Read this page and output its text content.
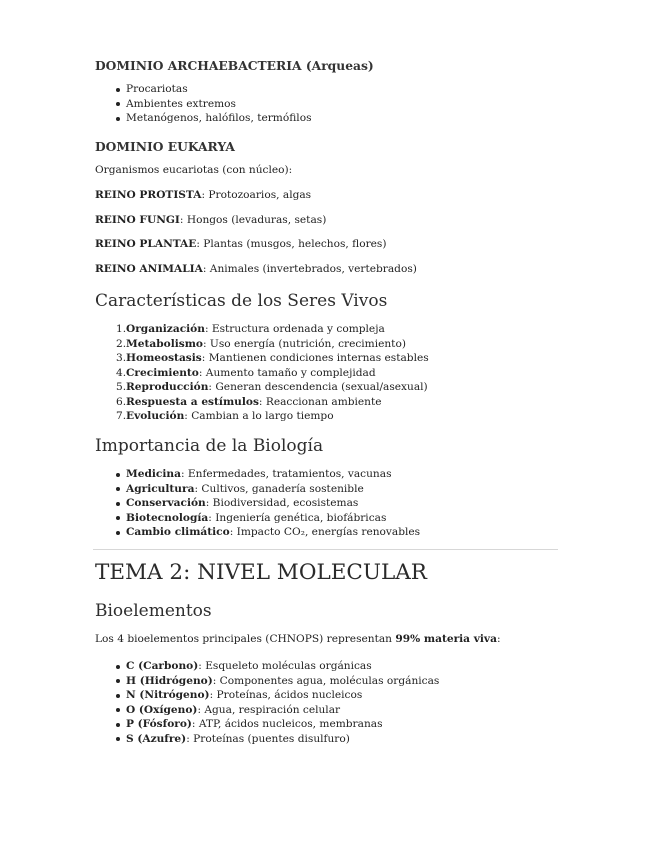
DOMINIO ARCHAEBACTERIA (Arqueas)
Procariotas
Ambientes extremos
Metanógenos, halófilos, termófilos
DOMINIO EUKARYA
Organismos eucariotas (con núcleo):
REINO PROTISTA: Protozoarios, algas
REINO FUNGI: Hongos (levaduras, setas)
REINO PLANTAE: Plantas (musgos, helechos, flores)
REINO ANIMALIA: Animales (invertebrados, vertebrados)
Características de los Seres Vivos
1. Organización: Estructura ordenada y compleja
2. Metabolismo: Uso energía (nutrición, crecimiento)
3. Homeostasis: Mantienen condiciones internas estables
4. Crecimiento: Aumento tamaño y complejidad
5. Reproducción: Generan descendencia (sexual/asexual)
6. Respuesta a estímulos: Reaccionan ambiente
7. Evolución: Cambian a lo largo tiempo
Importancia de la Biología
Medicina: Enfermedades, tratamientos, vacunas
Agricultura: Cultivos, ganadería sostenible
Conservación: Biodiversidad, ecosistemas
Biotecnología: Ingeniería genética, biofábricas
Cambio climático: Impacto CO₂, energías renovables
TEMA 2: NIVEL MOLECULAR
Bioelementos
Los 4 bioelementos principales (CHNOPS) representan 99% materia viva:
C (Carbono): Esqueleto moléculas orgánicas
H (Hidrógeno): Componentes agua, moléculas orgánicas
N (Nitrógeno): Proteínas, ácidos nucleicos
O (Oxígeno): Agua, respiración celular
P (Fósforo): ATP, ácidos nucleicos, membranas
S (Azufre): Proteínas (puentes disulfuro)
